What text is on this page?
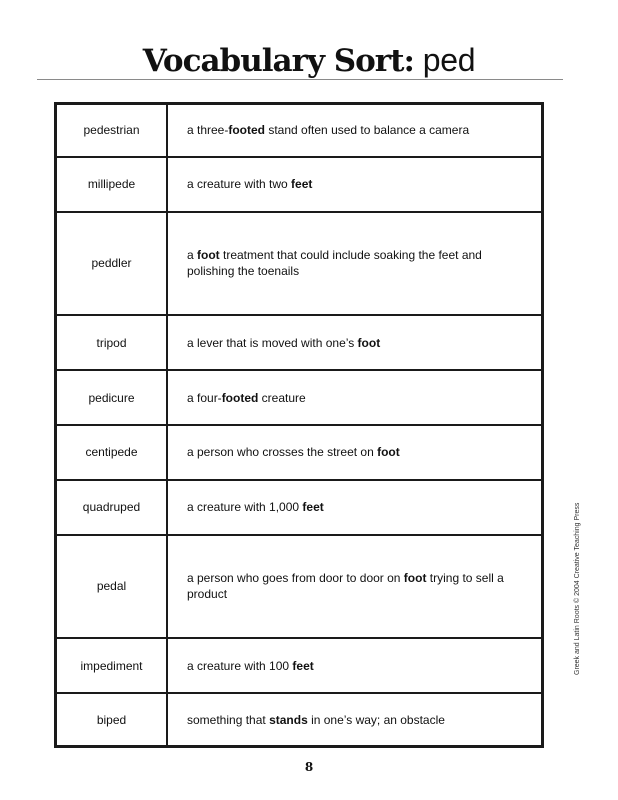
Vocabulary Sort: ped
pedestrian	a three-footed stand often used to balance a camera
millipede	a creature with two feet
peddler	a foot treatment that could include soaking the feet and polishing the toenails
tripod	a lever that is moved with one’s foot
pedicure	a four-footed creature
centipede	a person who crosses the street on foot
quadruped	a creature with 1,000 feet
pedal	a person who goes from door to door on foot trying to sell a product
impediment	a creature with 100 feet
biped	something that stands in one’s way; an obstacle
8
Greek and Latin Roots © 2004 Creative Teaching Press
